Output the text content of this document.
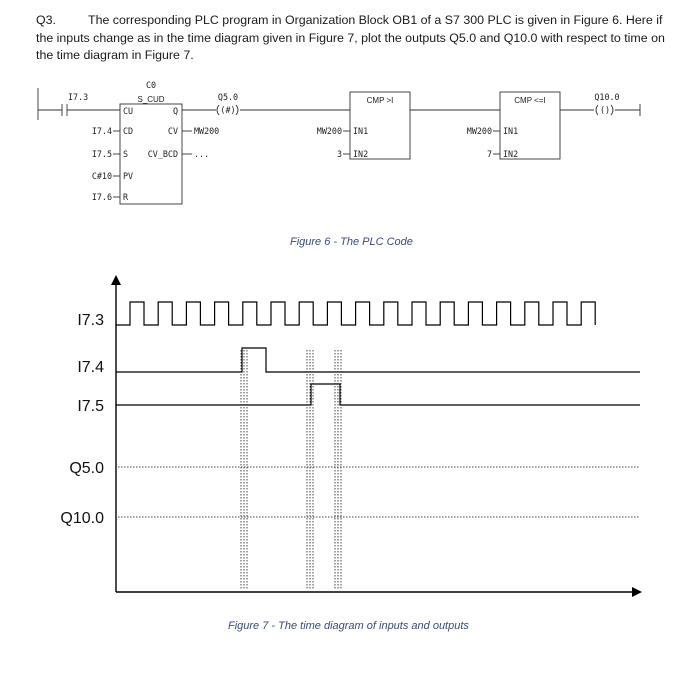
Q3.	The corresponding PLC program in Organization Block OB1 of a S7 300 PLC is given in Figure 6. Here if the inputs change as in the time diagram given in Figure 7, plot the outputs Q5.0 and Q10.0 with respect to time on the time diagram in Figure 7.
I7.3
C0
S_CUD
CU
CD
S
PV
R
Q
CV
CV_BCD
I7.4
I7.5
C#10
I7.6
MW200
...
Q5.0
(#)
CMP >I
IN1
IN2
MW200
3
CMP <=I
IN1
IN2
MW200
7
Q10.0
()
I7.3
I7.4
I7.5
Q5.0
Q10.0
Figure 6 - The PLC Code
Figure 7 - The time diagram of inputs and outputs
